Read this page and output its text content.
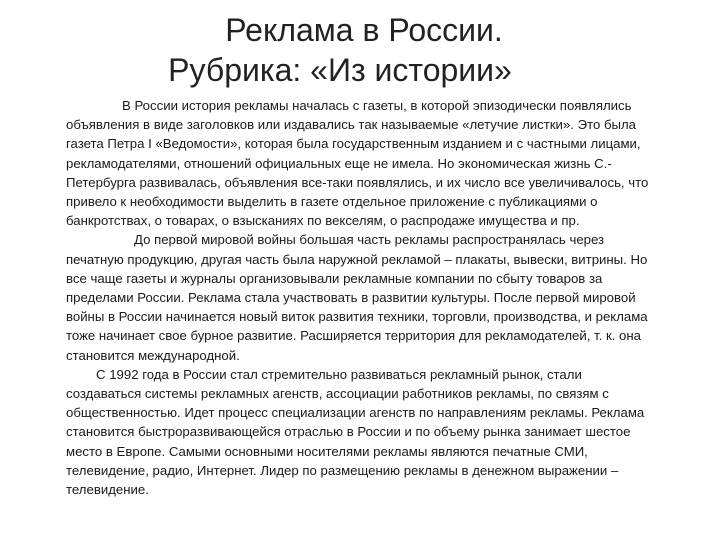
Реклама в России.
Рубрика: «Из истории»

В России история рекламы началась с газеты, в которой эпизодически появлялись объявления в виде заголовков или издавались так называемые «летучие листки». Это была газета Петра I «Ведомости», которая была государственным изданием и с частными лицами, рекламодателями, отношений официальных еще не имела. Но экономическая жизнь С.- Петербурга развивалась, объявления все-таки появлялись, и их число все увеличивалось, что привело к необходимости выделить в газете отдельное приложение с публикациями о банкротствах, о товарах, о взысканиях по векселям, о распродаже имущества и пр.

До первой мировой войны большая часть рекламы распространялась через печатную продукцию, другая часть была наружной рекламой – плакаты, вывески, витрины. Но все чаще газеты и журналы организовывали рекламные компании по сбыту товаров за пределами России. Реклама стала участвовать в развитии культуры. После первой мировой войны в России начинается новый виток развития техники, торговли, производства, и реклама тоже начинает свое бурное развитие. Расширяется территория для рекламодателей, т. к. она становится международной.

С 1992 года в России стал стремительно развиваться рекламный рынок, стали создаваться системы рекламных агенств, ассоциации работников рекламы, по связям с общественностью. Идет процесс специализации агенств по направлениям рекламы. Реклама становится быстроразвивающейся отраслью в России и по объему рынка занимает шестое место в Европе. Самыми основными носителями рекламы являются печатные СМИ, телевидение, радио, Интернет. Лидер по размещению рекламы в денежном выражении – телевидение.
